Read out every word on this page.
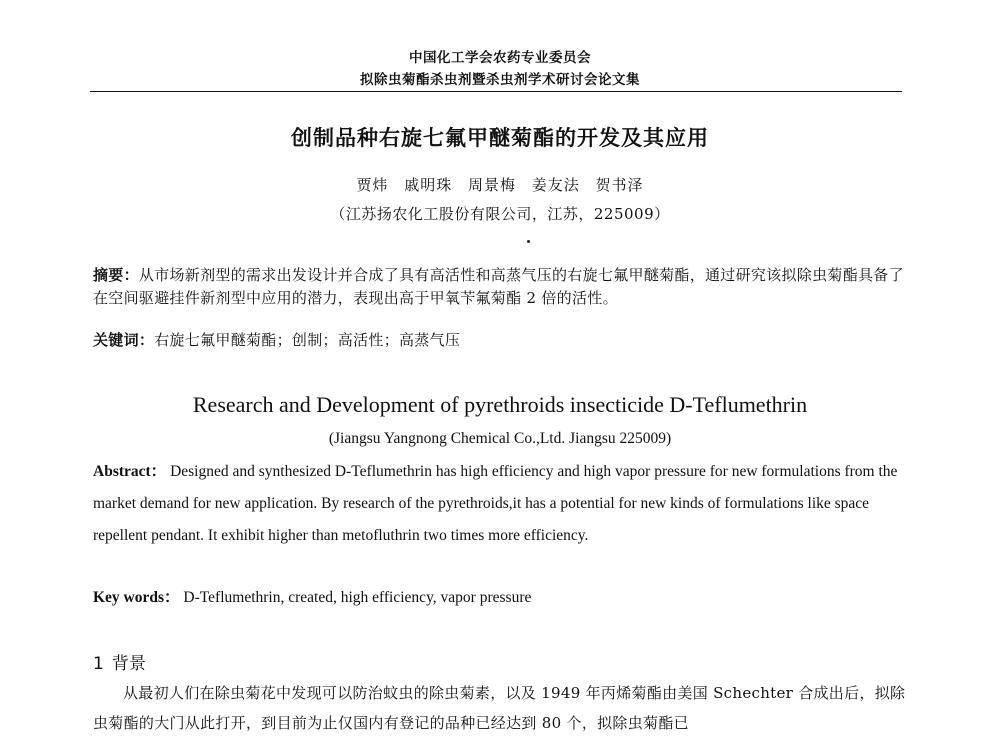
中国化工学会农药专业委员会
拟除虫菊酯杀虫剂暨杀虫剂学术研讨会论文集
创制品种右旋七氟甲醚菊酯的开发及其应用
贾炜 戚明珠 周景梅 姜友法 贺书泽
（江苏扬农化工股份有限公司，江苏，225009）

摘要：从市场新剂型的需求出发设计并合成了具有高活性和高蒸气压的右旋七氟甲醚菊酯，通过研究该拟除虫菊酯具备了在空间驱避挂件新剂型中应用的潜力，表现出高于甲氧苄氟菊酯 2 倍的活性。

关键词：右旋七氟甲醚菊酯；创制；高活性；高蒸气压

Research and Development of pyrethroids insecticide D-Teflumethrin
(Jiangsu Yangnong Chemical Co.,Ltd. Jiangsu 225009)
Abstract： Designed and synthesized D-Teflumethrin has high efficiency and high vapor pressure for new formulations from the market demand for new application. By research of the pyrethroids,it has a potential for new kinds of formulations like space repellent pendant. It exhibit higher than metofluthrin two times more efficiency.
Key words： D-Teflumethrin, created, high efficiency, vapor pressure
1 背景

从最初人们在除虫菊花中发现可以防治蚊虫的除虫菊素，以及 1949 年丙烯菊酯由美国 Schechter 合成出后，拟除虫菊酯的大门从此打开，到目前为止仅国内有登记的品种已经达到 80 个，拟除虫菊酯已
